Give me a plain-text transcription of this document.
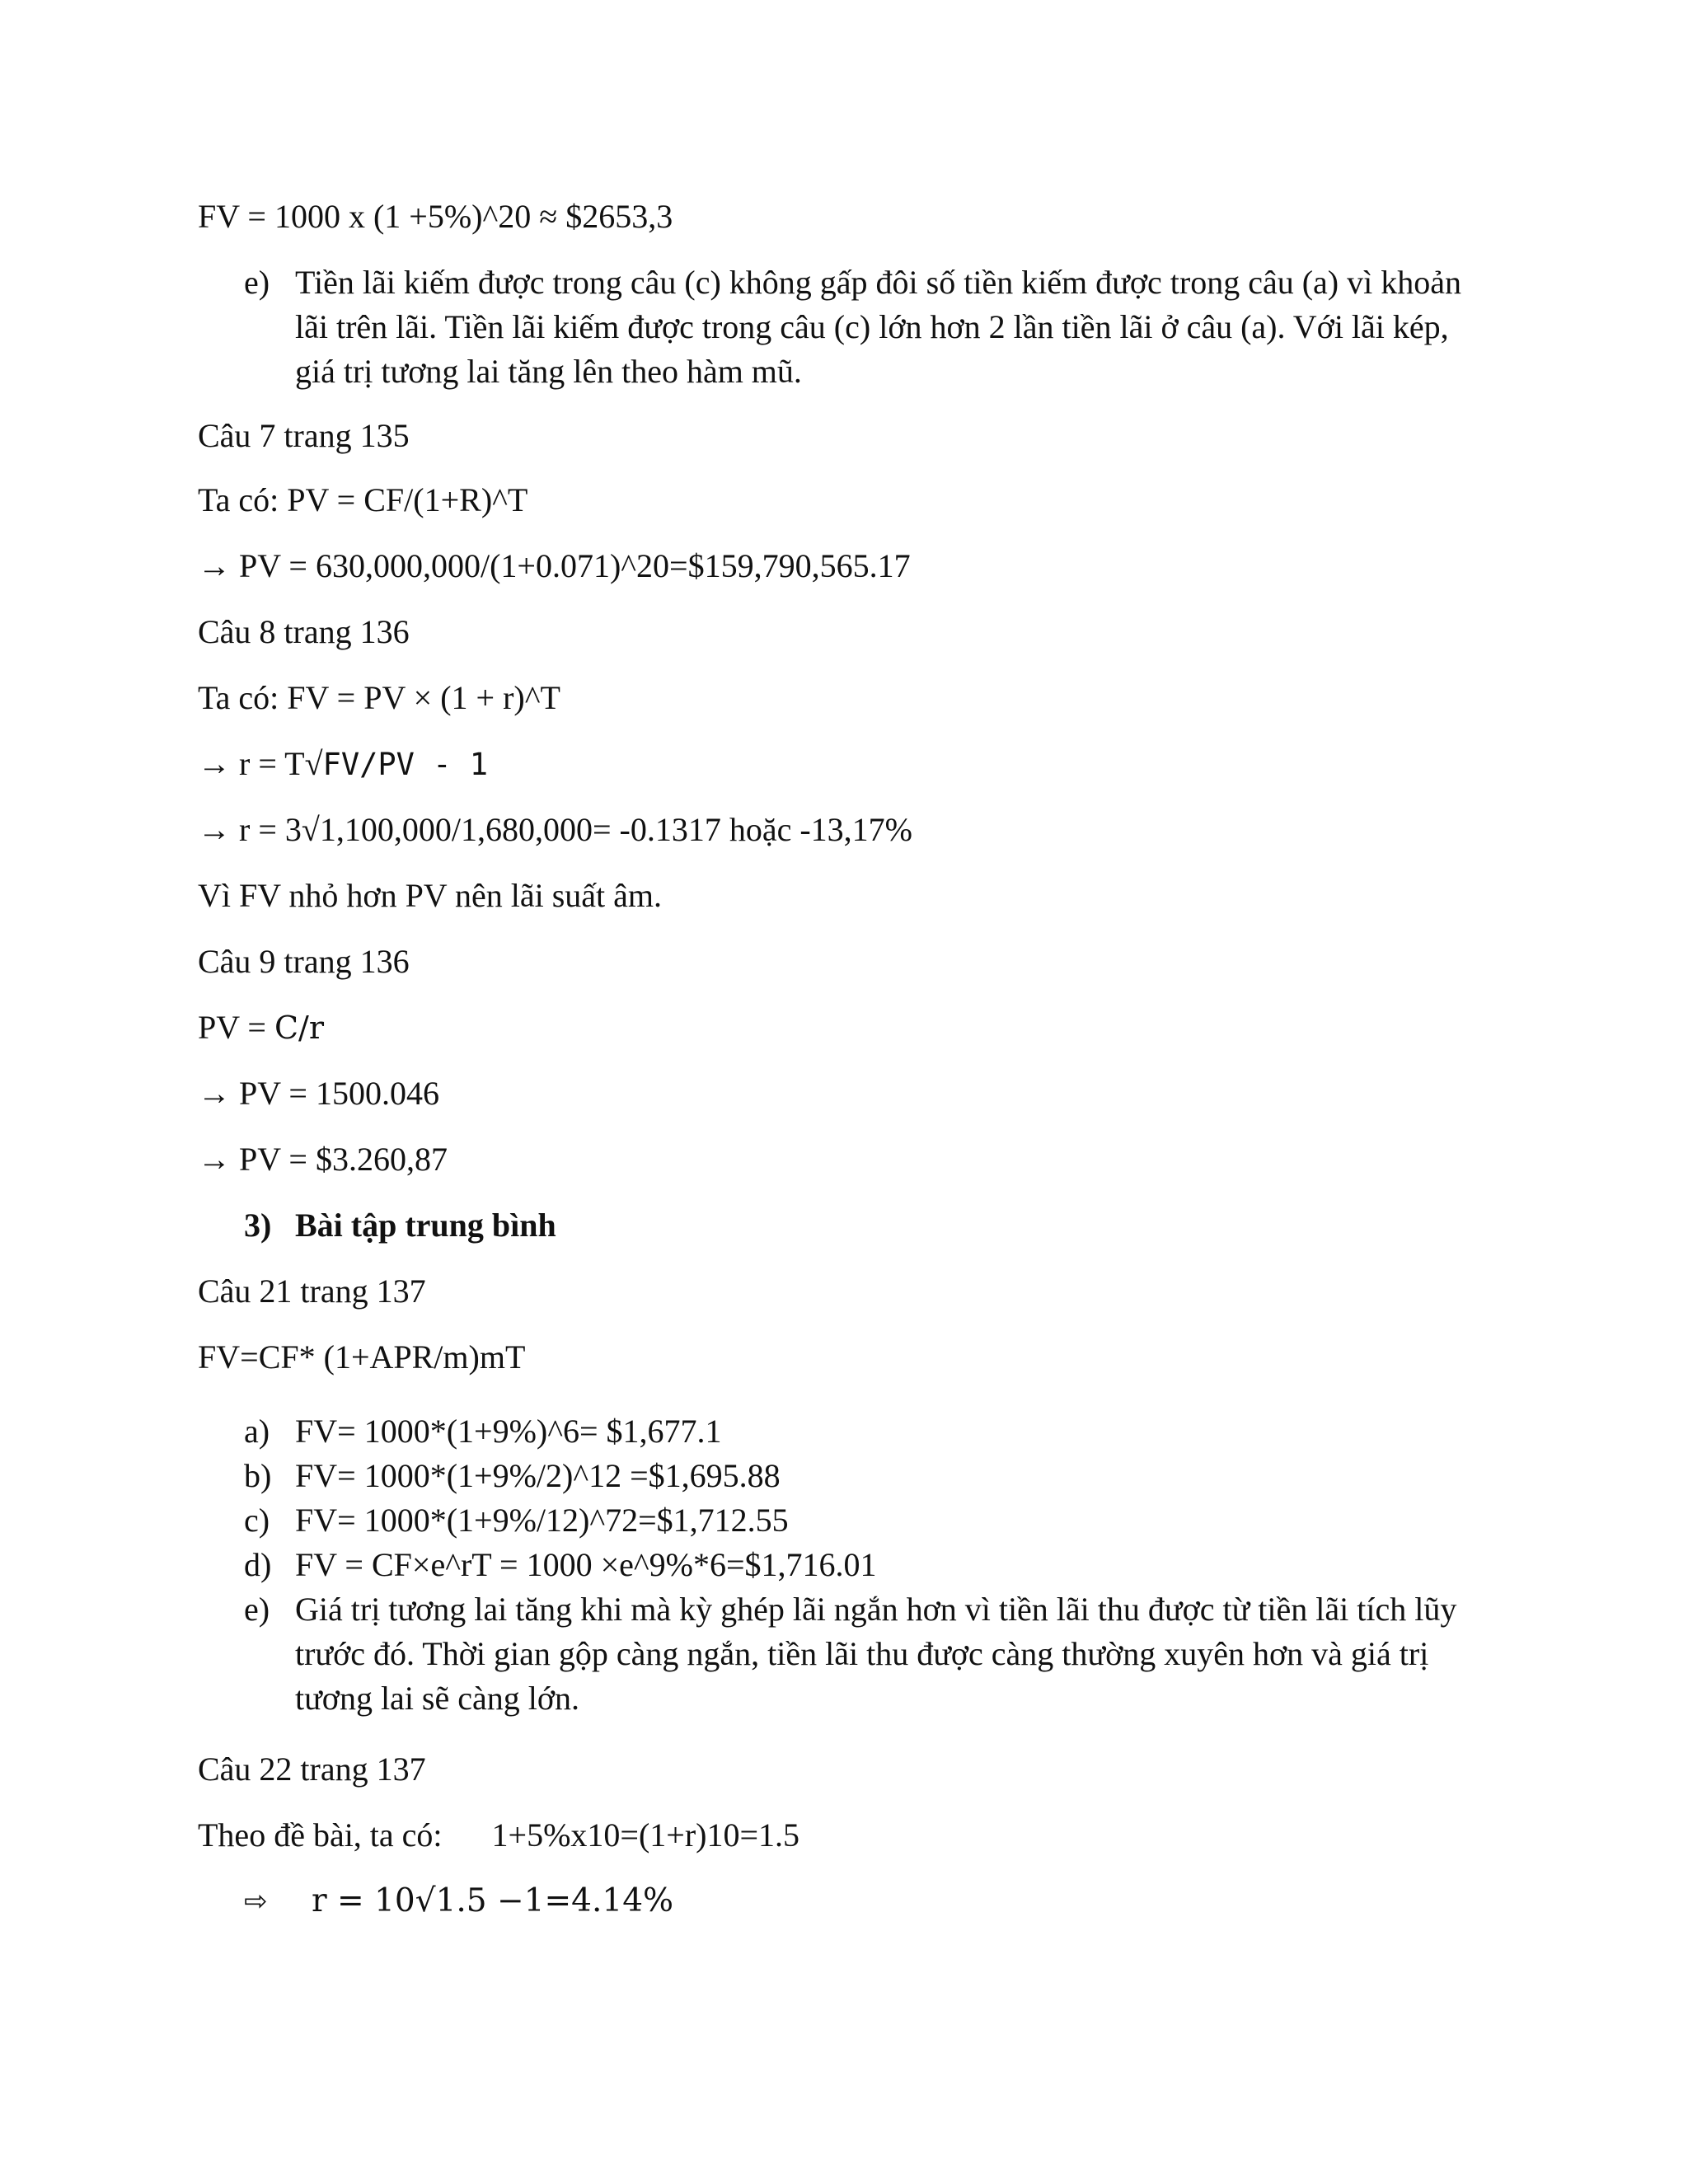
FV = 1000 x (1 +5%)^20 ≈ $2653,3
e) Tiền lãi kiếm được trong câu (c) không gấp đôi số tiền kiếm được trong câu (a) vì khoản lãi trên lãi. Tiền lãi kiếm được trong câu (c) lớn hơn 2 lần tiền lãi ở câu (a). Với lãi kép, giá trị tương lai tăng lên theo hàm mũ.
Câu 7 trang 135
Ta có: PV = CF/(1+R)^T
→ PV = 630,000,000/(1+0.071)^20=$159,790,565.17
Câu 8 trang 136
Ta có: FV = PV × (1 + r)^T
→ r = T√FV/PV - 1
→ r = 3√1,100,000/1,680,000= -0.1317 hoặc -13,17%
Vì FV nhỏ hơn PV nên lãi suất âm.
Câu 9 trang 136
PV = C/r
→ PV = 1500.046
→ PV = $3.260,87
3) Bài tập trung bình
Câu 21 trang 137
FV=CF* (1+APR/m)mT
a) FV= 1000*(1+9%)^6= $1,677.1
b) FV= 1000*(1+9%/2)^12 =$1,695.88
c) FV= 1000*(1+9%/12)^72=$1,712.55
d) FV = CF×e^rT = 1000 ×e^9%*6=$1,716.01
e) Giá trị tương lai tăng khi mà kỳ ghép lãi ngắn hơn vì tiền lãi thu được từ tiền lãi tích lũy trước đó. Thời gian gộp càng ngắn, tiền lãi thu được càng thường xuyên hơn và giá trị tương lai sẽ càng lớn.
Câu 22 trang 137
Theo đề bài, ta có:      1+5%x10=(1+r)10=1.5
⇨ r = 10√1.5 −1=4.14%
